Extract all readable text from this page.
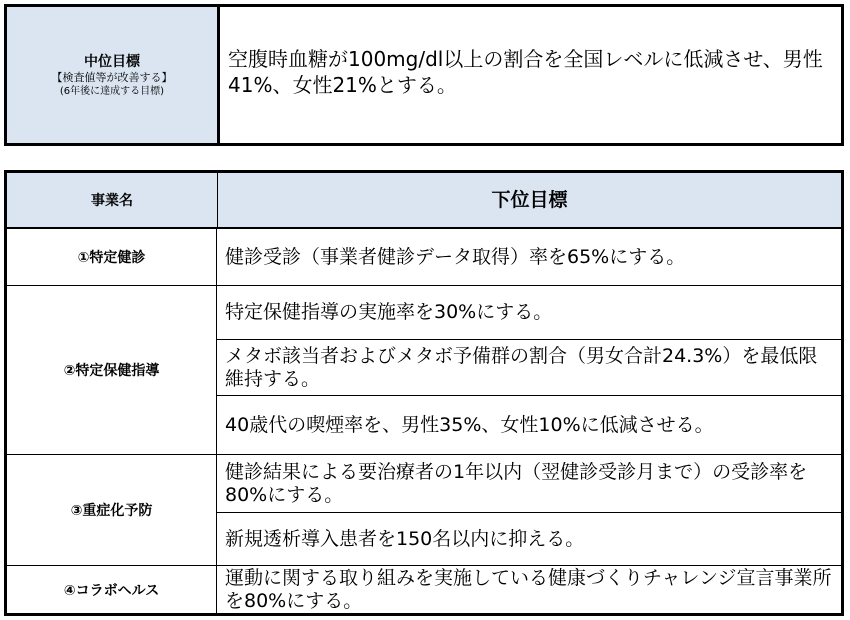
中位目標
【検査値等が改善する】
(6年後に達成する目標)
空腹時血糖が100mg/dl以上の割合を全国レベルに低減させ、男性41%、女性21%とする。
事業名	下位目標
①特定健診	健診受診（事業者健診データ取得）率を65%にする。
②特定保健指導
特定保健指導の実施率を30%にする。
メタボ該当者およびメタボ予備群の割合（男女合計24.3%）を最低限維持する。
40歳代の喫煙率を、男性35%、女性10%に低減させる。
③重症化予防
健診結果による要治療者の1年以内（翌健診受診月まで）の受診率を80%にする。
新規透析導入患者を150名以内に抑える。
④コラボヘルス
運動に関する取り組みを実施している健康づくりチャレンジ宣言事業所を80%にする。
